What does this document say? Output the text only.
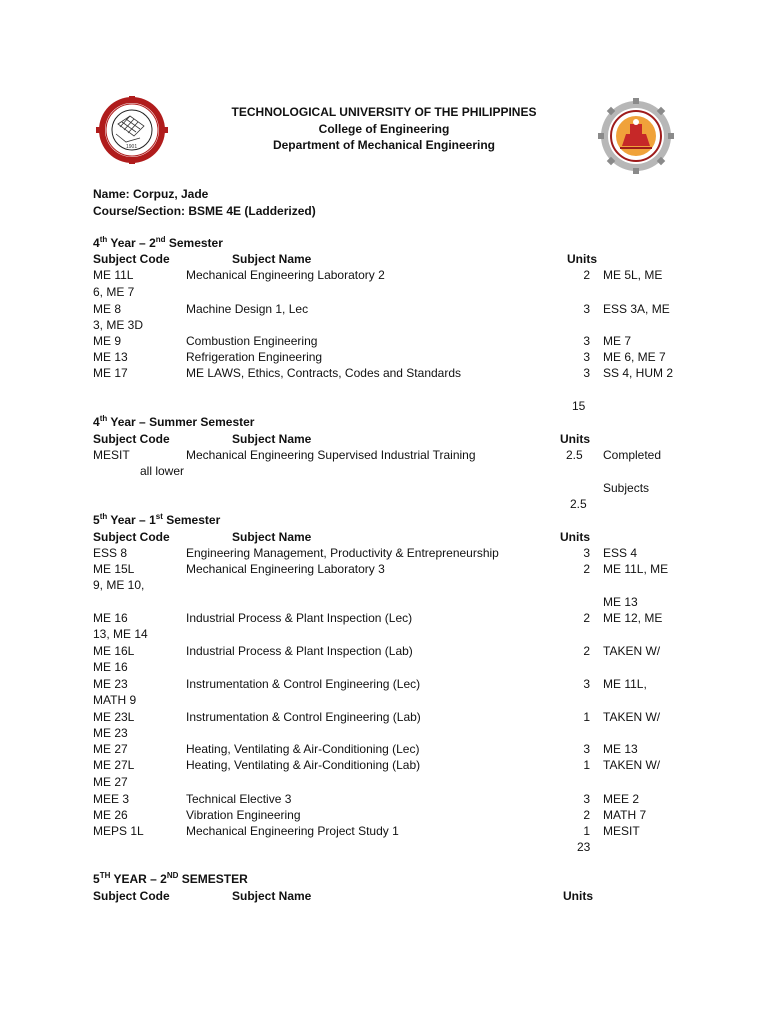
1901
TECHNOLOGICAL UNIVERSITY OF THE PHILIPPINES
College of Engineering
Department of Mechanical Engineering
Name: Corpuz, Jade
Course/Section: BSME 4E (Ladderized)
4th Year – 2nd Semester
Subject Code	Subject Name	Units
ME 11L	Mechanical Engineering Laboratory 2	2 ME 5L, ME
6, ME 7
ME 8	Machine Design 1, Lec	3 ESS 3A, ME
3, ME 3D
ME 9	Combustion Engineering	3 ME 7
ME 13	Refrigeration Engineering	3 ME 6, ME 7
ME 17	ME LAWS, Ethics, Contracts, Codes and Standards	3 SS 4, HUM 2
15
4th Year – Summer Semester
Subject Code	Subject Name	Units
MESIT	Mechanical Engineering Supervised Industrial Training	2.5 Completed
all lower
Subjects
2.5
5th Year – 1st Semester
Subject Code	Subject Name	Units
ESS 8	Engineering Management, Productivity & Entrepreneurship	3 ESS 4
ME 15L	Mechanical Engineering Laboratory 3	2 ME 11L, ME
9, ME 10,
ME 13
ME 16	Industrial Process & Plant Inspection (Lec)	2 ME 12, ME
13, ME 14
ME 16L	Industrial Process & Plant Inspection (Lab)	2 TAKEN W/
ME 16
ME 23	Instrumentation & Control Engineering (Lec)	3 ME 11L,
MATH 9
ME 23L	Instrumentation & Control Engineering (Lab)	1 TAKEN W/
ME 23
ME 27	Heating, Ventilating & Air-Conditioning (Lec)	3 ME 13
ME 27L	Heating, Ventilating & Air-Conditioning (Lab)	1 TAKEN W/
ME 27
MEE 3	Technical Elective 3	3 MEE 2
ME 26	Vibration Engineering	2 MATH 7
MEPS 1L	Mechanical Engineering Project Study 1	1 MESIT
23
5TH YEAR – 2ND SEMESTER
Subject Code	Subject Name	Units
